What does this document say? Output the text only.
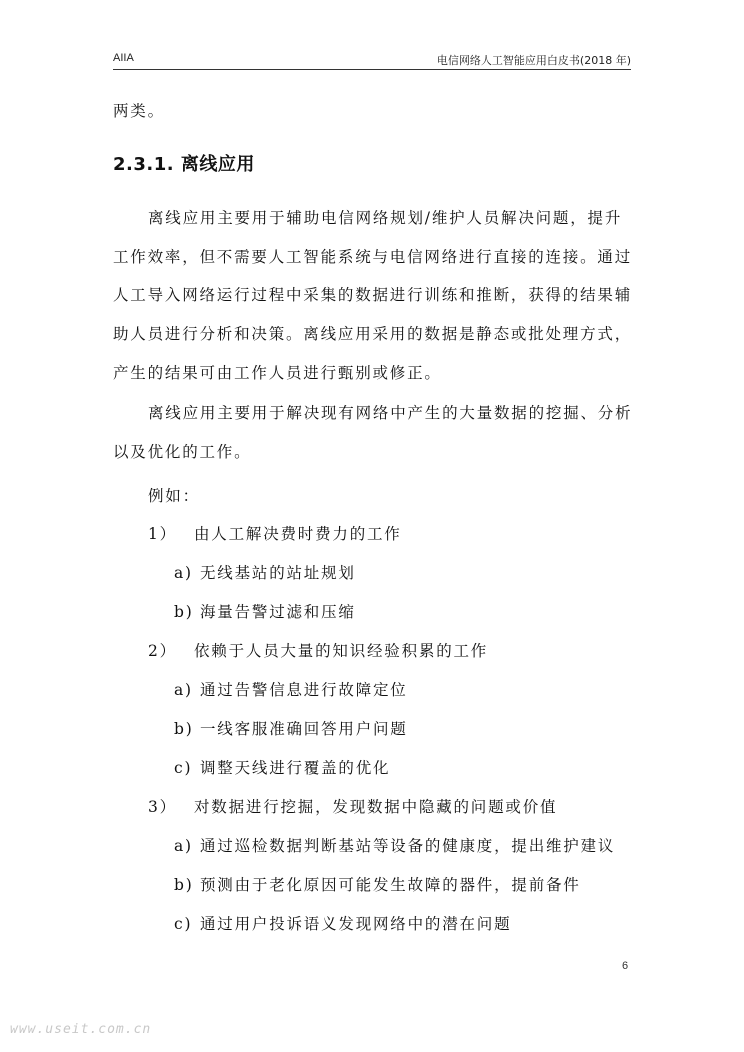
AIIA	电信网络人工智能应用白皮书(2018 年)

两类。

2.3.1. 离线应用

离线应用主要用于辅助电信网络规划/维护人员解决问题，提升工作效率，但不需要人工智能系统与电信网络进行直接的连接。通过人工导入网络运行过程中采集的数据进行训练和推断，获得的结果辅助人员进行分析和决策。离线应用采用的数据是静态或批处理方式，产生的结果可由工作人员进行甄别或修正。

离线应用主要用于解决现有网络中产生的大量数据的挖掘、分析以及优化的工作。

例如：
1） 由人工解决费时费力的工作
a) 无线基站的站址规划
b) 海量告警过滤和压缩
2） 依赖于人员大量的知识经验积累的工作
a) 通过告警信息进行故障定位
b) 一线客服准确回答用户问题
c) 调整天线进行覆盖的优化
3） 对数据进行挖掘，发现数据中隐藏的问题或价值
a) 通过巡检数据判断基站等设备的健康度，提出维护建议
b) 预测由于老化原因可能发生故障的器件，提前备件
c) 通过用户投诉语义发现网络中的潜在问题
6
www.useit.com.cn
